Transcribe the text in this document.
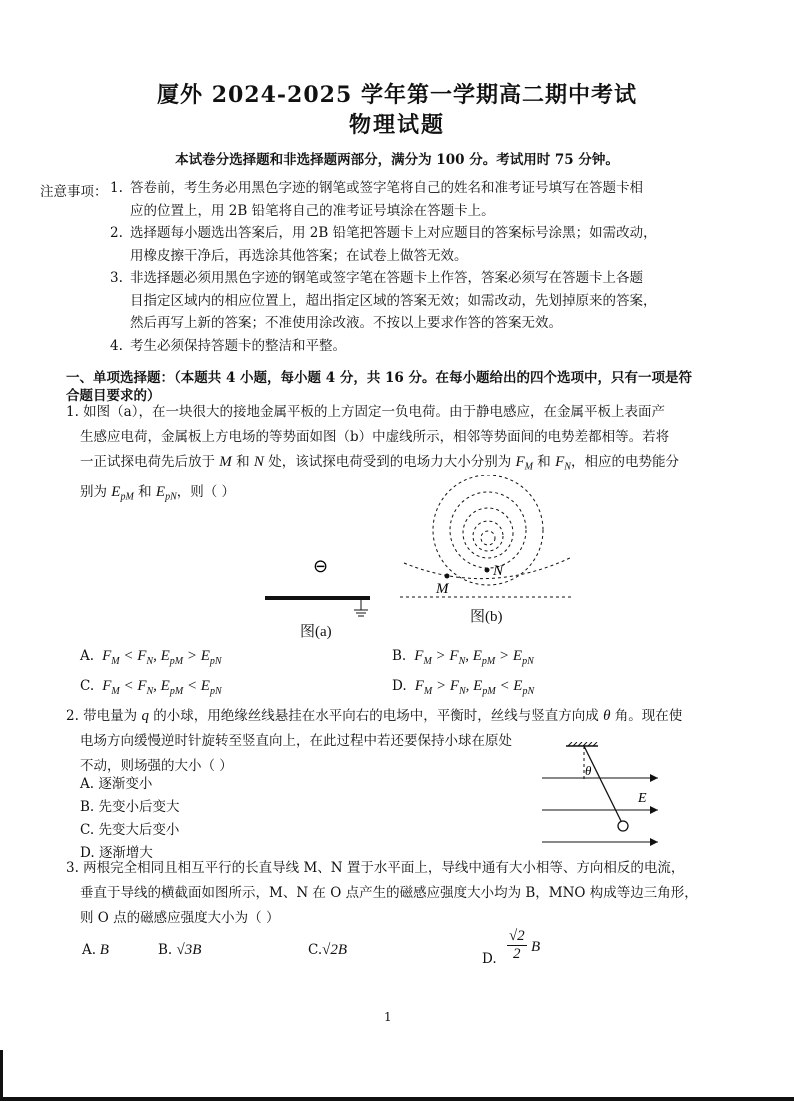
厦外 2024-2025 学年第一学期高二期中考试
物理试题
本试卷分选择题和非选择题两部分，满分为 100 分。考试用时 75 分钟。
注意事项： 1. 答卷前，考生务必用黑色字迹的钢笔或签字笔将自己的姓名和准考证号填写在答题卡相
应的位置上，用 2B 铅笔将自己的准考证号填涂在答题卡上。
2. 选择题每小题选出答案后，用 2B 铅笔把答题卡上对应题目的答案标号涂黑；如需改动，
用橡皮擦干净后，再选涂其他答案；在试卷上做答无效。
3. 非选择题必须用黑色字迹的钢笔或签字笔在答题卡上作答，答案必须写在答题卡上各题
目指定区域内的相应位置上，超出指定区域的答案无效；如需改动，先划掉原来的答案，
然后再写上新的答案；不准使用涂改液。不按以上要求作答的答案无效。
4. 考生必须保持答题卡的整洁和平整。
一、单项选择题：（本题共 4 小题，每小题 4 分，共 16 分。在每小题给出的四个选项中，只有一项是符
合题目要求的）
1. 如图（a），在一块很大的接地金属平板的上方固定一负电荷。由于静电感应，在金属平板上表面产
生感应电荷，金属板上方电场的等势面如图（b）中虚线所示，相邻等势面间的电势差都相等。若将
一正试探电荷先后放于 M 和 N 处，该试探电荷受到的电场力大小分别为 $F_M$ 和 $F_N$，相应的电势能分
别为 $E_{pM}$ 和 $E_{pN}$，则（ ）
⊖
图(a)
M
N
图(b)
A.  $F_M < F_N$, $E_{pM} > E_{pN}$	B.  $F_M > F_N$, $E_{pM} > E_{pN}$
C.  $F_M < F_N$, $E_{pM} < E_{pN}$	D.  $F_M > F_N$, $E_{pM} < E_{pN}$
2. 带电量为 q 的小球，用绝缘丝线悬挂在水平向右的电场中，平衡时，丝线与竖直方向成 θ 角。现在使
电场方向缓慢逆时针旋转至竖直向上，在此过程中若还要保持小球在原处
不动，则场强的大小（ ）
A. 逐渐变小
B. 先变小后变大
C. 先变大后变小
D. 逐渐增大
θ
E
3. 两根完全相同且相互平行的长直导线 M、N 置于水平面上，导线中通有大小相等、方向相反的电流，
垂直于导线的横截面如图所示，M、N 在 O 点产生的磁感应强度大小均为 B，MNO 构成等边三角形，
则 O 点的磁感应强度大小为（ ）
A. B	B. √3B	C.√2B
D. $\frac{√2}{2}$ B
1
